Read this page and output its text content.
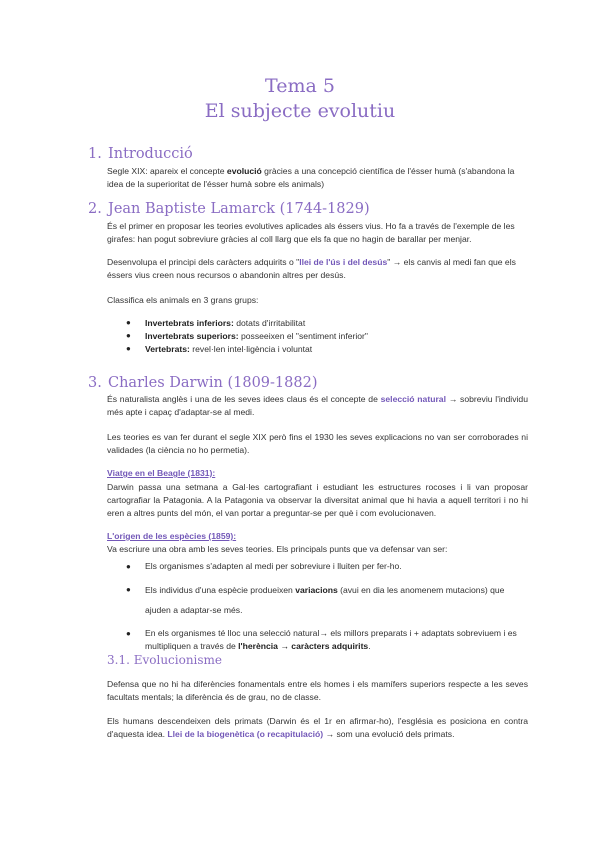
Tema 5
El subjecte evolutiu
1. Introducció
Segle XIX: apareix el concepte evolució gràcies a una concepció científica de l'ésser humà (s'abandona la idea de la superioritat de l'ésser humà sobre els animals)
2. Jean Baptiste Lamarck (1744-1829)
És el primer en proposar les teories evolutives aplicades als éssers vius. Ho fa a través de l'exemple de les girafes: han pogut sobreviure gràcies al coll llarg que els fa que no hagin de barallar per menjar.
Desenvolupa el principi dels caràcters adquirits o "llei de l'ús i del desús" → els canvis al medi fan que els éssers vius creen nous recursos o abandonin altres per desús.
Classifica els animals en 3 grans grups:
● Invertebrats inferiors: dotats d'irritabilitat
● Invertebrats superiors: posseeixen el "sentiment inferior"
● Vertebrats: revel·len intel·ligència i voluntat
3. Charles Darwin (1809-1882)
És naturalista anglès i una de les seves idees claus és el concepte de selecció natural → sobreviu l'individu més apte i capaç d'adaptar-se al medi.
Les teories es van fer durant el segle XIX però fins el 1930 les seves explicacions no van ser corroborades ni validades (la ciència no ho permetia).
Viatge en el Beagle (1831):
Darwin passa una setmana a Gal·les cartografiant i estudiant les estructures rocoses i li van proposar cartografiar la Patagonia. A la Patagonia va observar la diversitat animal que hi havia a aquell territori i no hi eren a altres punts del món, el van portar a preguntar-se per què i com evolucionaven.
L'origen de les espècies (1859):
Va escriure una obra amb les seves teories. Els principals punts que va defensar van ser:
● Els organismes s'adapten al medi per sobreviure i lluiten per fer-ho.
● Els individus d'una espècie produeixen variacions (avui en dia les anomenem mutacions) que
ajuden a adaptar-se més.
● En els organismes té lloc una selecció natural→ els millors preparats i + adaptats sobreviuem i es multipliquen a través de l'herència → caràcters adquirits.
3.1. Evolucionisme
Defensa que no hi ha diferències fonamentals entre els homes i els mamífers superiors respecte a les seves facultats mentals; la diferència és de grau, no de classe.
Els humans descendeixen dels primats (Darwin és el 1r en afirmar-ho), l'església es posiciona en contra d'aquesta idea. Llei de la biogenètica (o recapitulació) → som una evolució dels primats.
